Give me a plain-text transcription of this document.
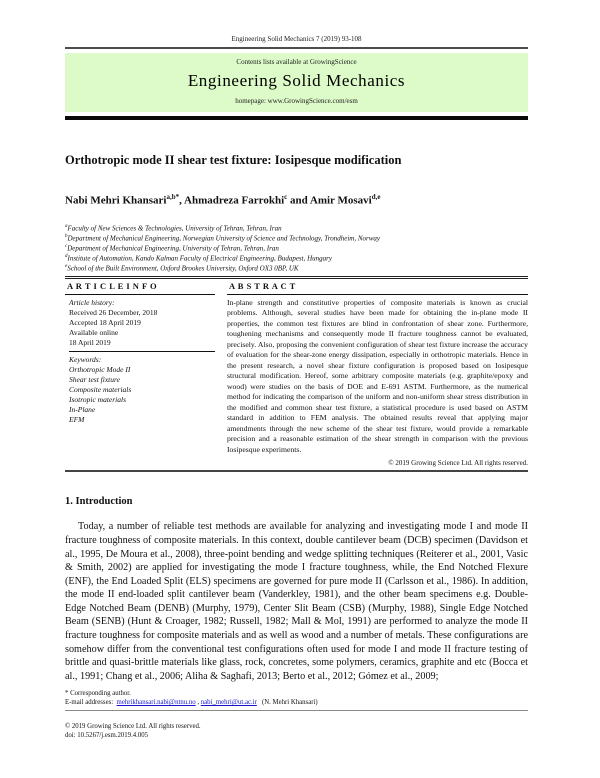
Engineering Solid Mechanics 7 (2019) 93-108
Contents lists available at GrowingScience
Engineering Solid Mechanics
homepage: www.GrowingScience.com/esm
Orthotropic mode II shear test fixture: Iosipesque modification
Nabi Mehri Khansari$^{a,b*}$, Ahmadreza Farrokhi$^c$ and Amir Mosavi$^{d,e}$
$^a$Faculty of New Sciences & Technologies, University of Tehran, Tehran, Iran
$^b$Department of Mechanical Engineering, Norwegian University of Science and Technology, Trondheim, Norway
$^c$Department of Mechanical Engineering, University of Tehran, Tehran, Iran
$^d$Institute of Automation, Kando Kalman Faculty of Electrical Engineering, Budapest, Hungary
$^e$School of the Built Environment, Oxford Brookes University, Oxford OX3 0BP, UK
A R T I C L E I N F O
Article history:
Received 26 December, 2018
Accepted 18 April 2019
Available online
18 April 2019
Keywords:
Orthotropic Mode II
Shear test fixture
Composite materials
Isotropic materials
In-Plane
EFM
A B S T R A C T
In-plane strength and constitutive properties of composite materials is known as crucial problems. Although, several studies have been made for obtaining the in-plane mode II properties, the common test fixtures are blind in confrontation of shear zone. Furthermore, toughening mechanisms and consequently mode II fracture toughness cannot be evaluated, precisely. Also, proposing the convenient configuration of shear test fixture increase the accuracy of evaluation for the shear-zone energy dissipation, especially in orthotropic materials. Hence in the present research, a novel shear fixture configuration is proposed based on Iosipesque structural modification. Hereof, some arbitrary composite materials (e.g. graphite/epoxy and wood) were studies on the basis of DOE and E-691 ASTM. Furthermore, as the numerical method for indicating the comparison of the uniform and non-uniform shear stress distribution in the modified and common shear test fixture, a statistical procedure is used based on ASTM standard in addition to FEM analysis. The obtained results reveal that applying major amendments through the new scheme of the shear test fixture, would provide a remarkable precision and a reasonable estimation of the shear strength in comparison with the previous Iosipesque experiments.
© 2019 Growing Science Ltd. All rights reserved.
1. Introduction
Today, a number of reliable test methods are available for analyzing and investigating mode I and mode II fracture toughness of composite materials. In this context, double cantilever beam (DCB) specimen (Davidson et al., 1995, De Moura et al., 2008), three-point bending and wedge splitting techniques (Reiterer et al., 2001, Vasic & Smith, 2002) are applied for investigating the mode I fracture toughness, while, the End Notched Flexure (ENF), the End Loaded Split (ELS) specimens are governed for pure mode II (Carlsson et al., 1986). In addition, the mode II end-loaded split cantilever beam (Vanderkley, 1981), and the other beam specimens e.g. Double-Edge Notched Beam (DENB) (Murphy, 1979), Center Slit Beam (CSB) (Murphy, 1988), Single Edge Notched Beam (SENB) (Hunt & Croager, 1982; Russell, 1982; Mall & Mol, 1991) are performed to analyze the mode II fracture toughness for composite materials and as well as wood and a number of metals. These configurations are somehow differ from the conventional test configurations often used for mode I and mode II fracture testing of brittle and quasi-brittle materials like glass, rock, concretes, some polymers, ceramics, graphite and etc (Bocca et al., 1991; Chang et al., 2006; Aliha & Saghafi, 2013; Berto et al., 2012; Gómez et al., 2009;
* Corresponding author.
E-mail addresses:  mehrikhansari.nabi@ntnu.no , nabi_mehri@ut.ac.ir   (N. Mehri Khansari)
© 2019 Growing Science Ltd. All rights reserved.
doi: 10.5267/j.esm.2019.4.005
